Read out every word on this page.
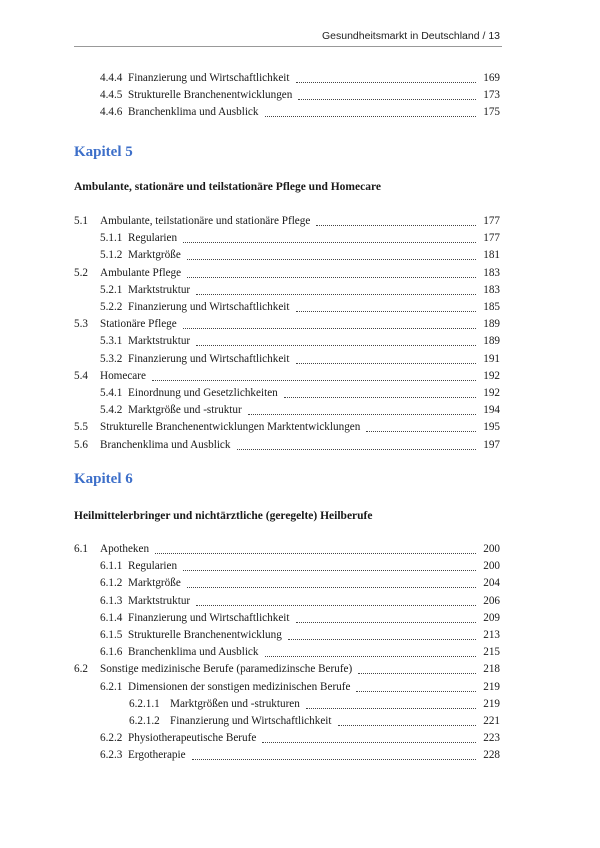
Gesundheitsmarkt in Deutschland / 13
Kapitel 5
Ambulante, stationäre und teilstationäre Pflege und Homecare
Kapitel 6
Heilmittelerbringer und nichtärztliche (geregelte) Heilberufe
4.4.4 Finanzierung und Wirtschaftlichkeit	169
4.4.5 Strukturelle Branchenentwicklungen	173
4.4.6 Branchenklima und Ausblick	175
5.1 Ambulante, teilstationäre und stationäre Pflege	177
5.1.1 Regularien	177
5.1.2 Marktgröße	181
5.2 Ambulante Pflege	183
5.2.1 Marktstruktur	183
5.2.2 Finanzierung und Wirtschaftlichkeit	185
5.3 Stationäre Pflege	189
5.3.1 Marktstruktur	189
5.3.2 Finanzierung und Wirtschaftlichkeit	191
5.4 Homecare	192
5.4.1 Einordnung und Gesetzlichkeiten	192
5.4.2 Marktgröße und -struktur	194
5.5 Strukturelle Branchenentwicklungen Marktentwicklungen	195
5.6 Branchenklima und Ausblick	197
6.1 Apotheken	200
6.1.1 Regularien	200
6.1.2 Marktgröße	204
6.1.3 Marktstruktur	206
6.1.4 Finanzierung und Wirtschaftlichkeit	209
6.1.5 Strukturelle Branchenentwicklung	213
6.1.6 Branchenklima und Ausblick	215
6.2 Sonstige medizinische Berufe (paramedizinsche Berufe)	218
6.2.1 Dimensionen der sonstigen medizinischen Berufe	219
6.2.1.1 Marktgrößen und -strukturen	219
6.2.1.2 Finanzierung und Wirtschaftlichkeit	221
6.2.2 Physiotherapeutische Berufe	223
6.2.3 Ergotherapie	228
